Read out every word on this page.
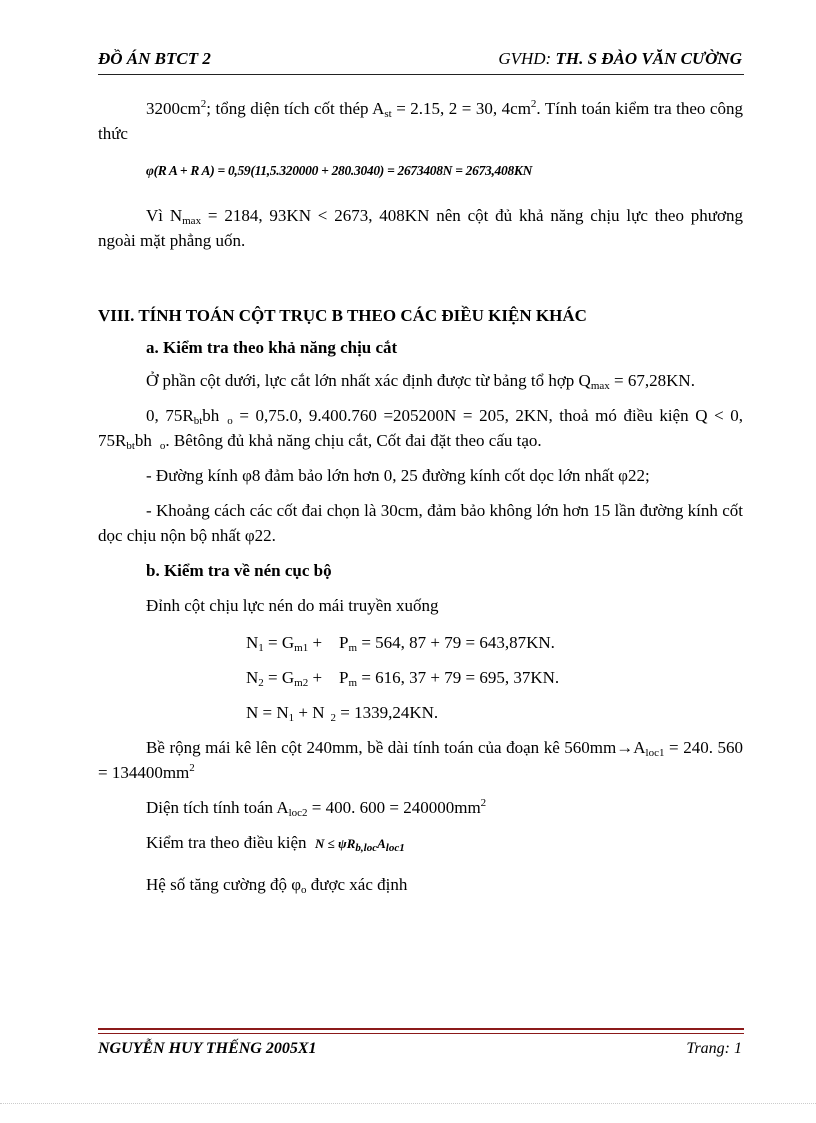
ĐỒ ÁN BTCT 2	GVHD: TH. S ĐÀO VĂN CƯỜNG

$3200cm^2$; tổng diện tích cốt thép $A_{st} = 2.15$, 2 = 30, $4cm^2$. Tính toán kiểm tra theo công thức

φ(R A + R A) = 0,59(11,5.320000 + 280.3040) = 2673408N = 2673,408KN

Vì $N_{max} = 2184$, 93KN < 2673, 408KN nên cột đủ khả năng chịu lực theo phương ngoài mặt phẳng uốn.

VIII. TÍNH TOÁN CỘT TRỤC B THEO CÁC ĐIỀU KIỆN KHÁC

a. Kiểm tra theo khả năng chịu cắt

Ở phần cột dưới, lực cắt lớn nhất xác định được từ bảng tổ hợp $Q_{max} = 67,28KN$.

0, $75R_{bt}bh$ $_o$ = 0,75.0, 9.400.760 =205200N = 205, 2KN, thoả mó điều kiện Q < 0, $75R_{bt}bh$ $_o$. Bêtông đủ khả năng chịu cắt, Cốt đai đặt theo cấu tạo.

- Đường kính φ8 đảm bảo lớn hơn 0, 25 đường kính cốt dọc lớn nhất φ22;

- Khoảng cách các cốt đai chọn là 30cm, đảm bảo không lớn hơn 15 lần đường kính cốt dọc chịu nộn bộ nhất φ22.

b. Kiểm tra về nén cục bộ

Đỉnh cột chịu lực nén do mái truyền xuống

$N_1 = G_{m1}$ +    $P_m = 564$, 87 + 79 = 643,87KN.

$N_2 = G_{m2}$ +    $P_m = 616$, 37 + 79 = 695, 37KN.

$N = N_1 + N$ $_2$ = 1339,24KN.

Bề rộng mái kê lên cột 240mm, bề dài tính toán của đoạn kê $560mm\to A_{loc1} = 240$. $560 = 134400mm^2$

Diện tích tính toán $A_{loc2} = 400$. $600 = 240000mm^2$

Kiểm tra theo điều kiện $N \le \psi R_{b,loc}A_{loc1}$

Hệ số tăng cường độ $\varphi_o$ được xác định

NGUYỄN HUY THẾNG 2005X1	Trang: 1
